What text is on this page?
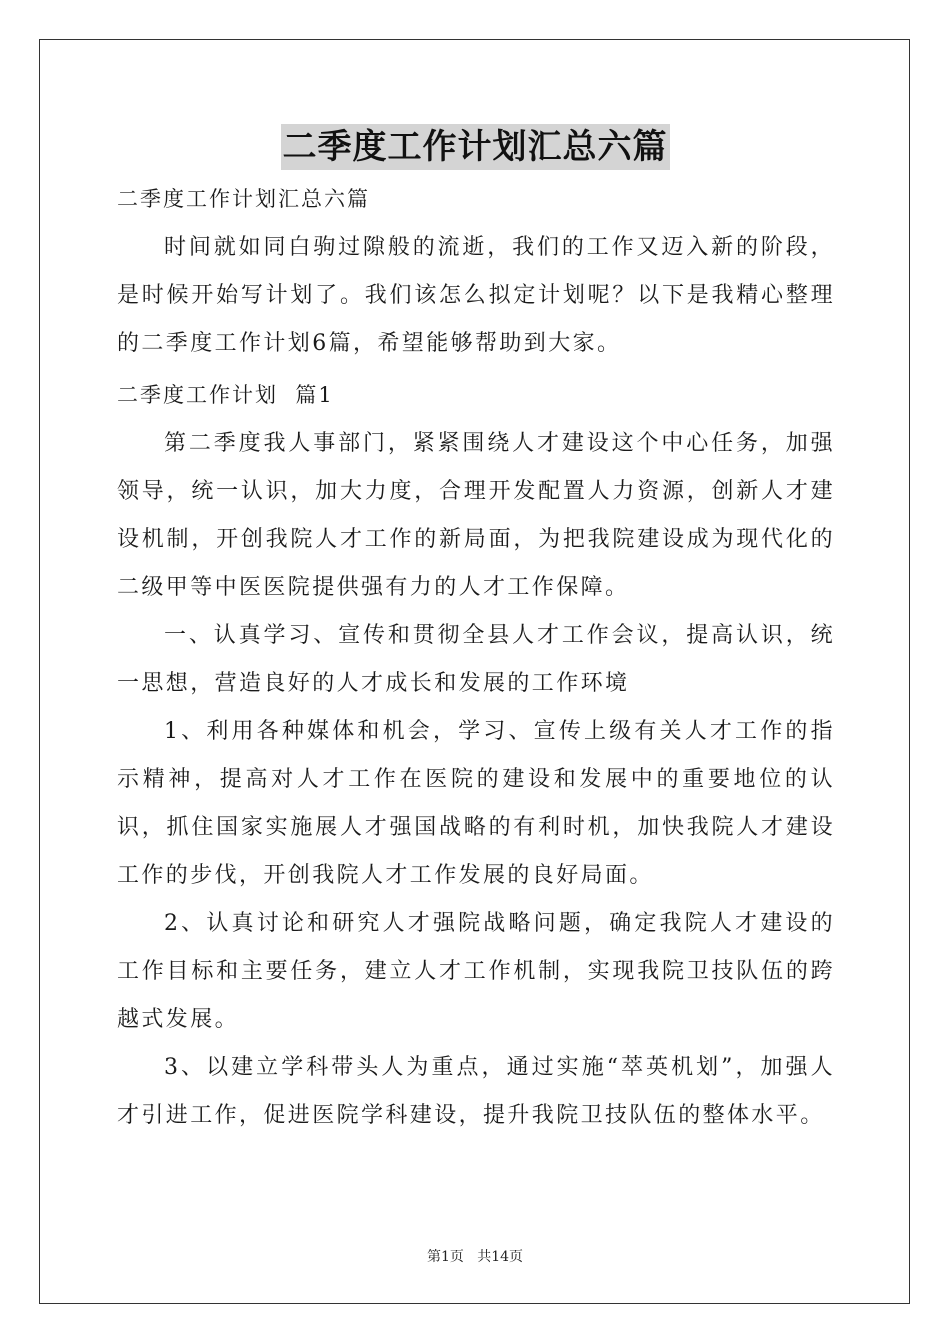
二季度工作计划汇总六篇

二季度工作计划汇总六篇

时间就如同白驹过隙般的流逝，我们的工作又迈入新的阶段，是时候开始写计划了。我们该怎么拟定计划呢？以下是我精心整理的二季度工作计划6篇，希望能够帮助到大家。

二季度工作计划  篇1

第二季度我人事部门，紧紧围绕人才建设这个中心任务，加强领导，统一认识，加大力度，合理开发配置人力资源，创新人才建设机制，开创我院人才工作的新局面，为把我院建设成为现代化的二级甲等中医医院提供强有力的人才工作保障。

一、认真学习、宣传和贯彻全县人才工作会议，提高认识，统一思想，营造良好的人才成长和发展的工作环境

1、利用各种媒体和机会，学习、宣传上级有关人才工作的指示精神，提高对人才工作在医院的建设和发展中的重要地位的认识，抓住国家实施展人才强国战略的有利时机，加快我院人才建设工作的步伐，开创我院人才工作发展的良好局面。

2、认真讨论和研究人才强院战略问题，确定我院人才建设的工作目标和主要任务，建立人才工作机制，实现我院卫技队伍的跨越式发展。

3、以建立学科带头人为重点，通过实施“萃英机划”，加强人才引进工作，促进医院学科建设，提升我院卫技队伍的整体水平。

第1页   共14页
